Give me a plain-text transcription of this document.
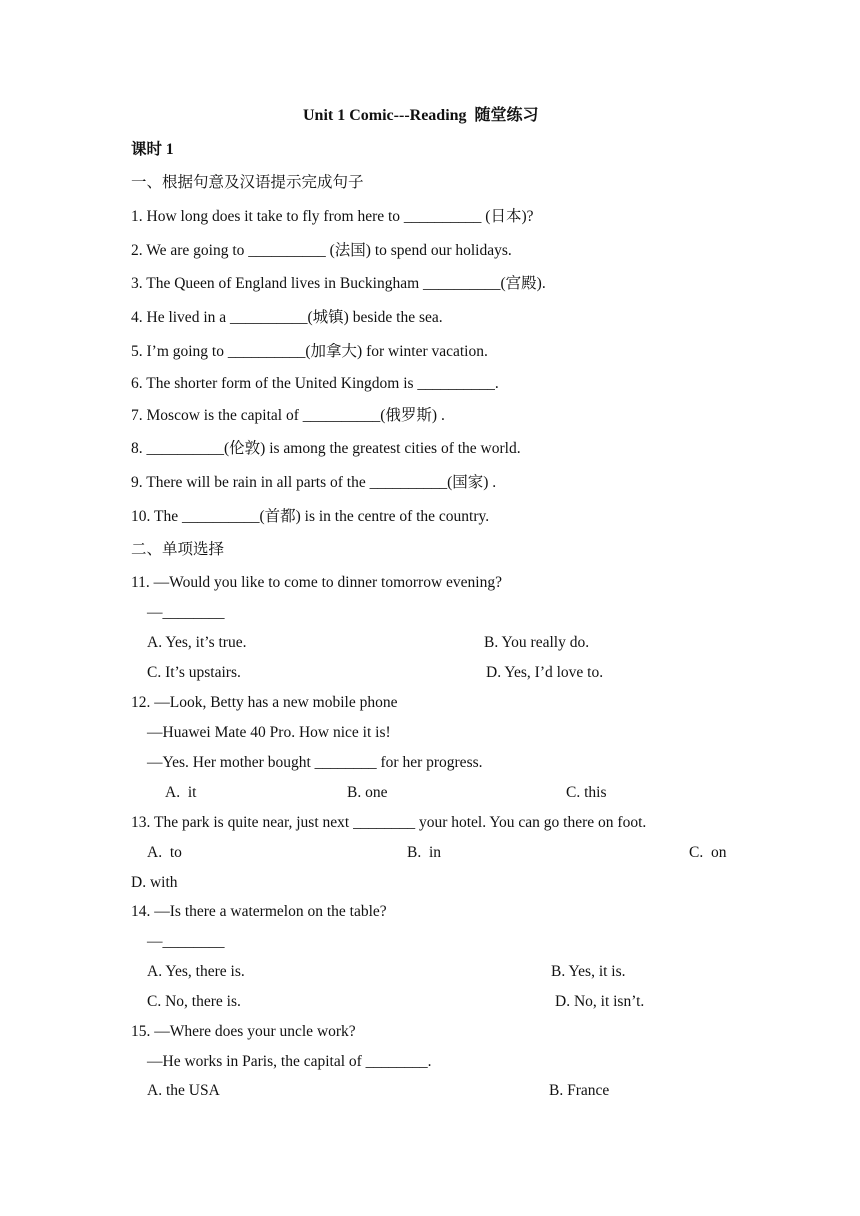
Unit 1 Comic---Reading  随堂练习
课时 1
一、根据句意及汉语提示完成句子
1. How long does it take to fly from here to __________ (日本)?
2. We are going to __________ (法国) to spend our holidays.
3. The Queen of England lives in Buckingham __________(宫殿).
4. He lived in a __________(城镇) beside the sea.
5. I’m going to __________(加拿大) for winter vacation.
6. The shorter form of the United Kingdom is __________.
7. Moscow is the capital of __________(俄罗斯) .
8. __________(伦敦) is among the greatest cities of the world.
9. There will be rain in all parts of the __________(国家) .
10. The __________(首都) is in the centre of the country.
二、单项选择
11. —Would you like to come to dinner tomorrow evening?
—________
A. Yes, it’s true.	B. You really do.
C. It’s upstairs.	D. Yes, I’d love to.
12. —Look, Betty has a new mobile phone
—Huawei Mate 40 Pro. How nice it is!
—Yes. Her mother bought ________ for her progress.
A.  it	B. one	C. this
13. The park is quite near, just next ________ your hotel. You can go there on foot.
A.  to	B.  in	C.  on
D. with
14. —Is there a watermelon on the table?
—________
A. Yes, there is.	B. Yes, it is.
C. No, there is.	D. No, it isn’t.
15. —Where does your uncle work?
—He works in Paris, the capital of ________.
A. the USA	B. France
